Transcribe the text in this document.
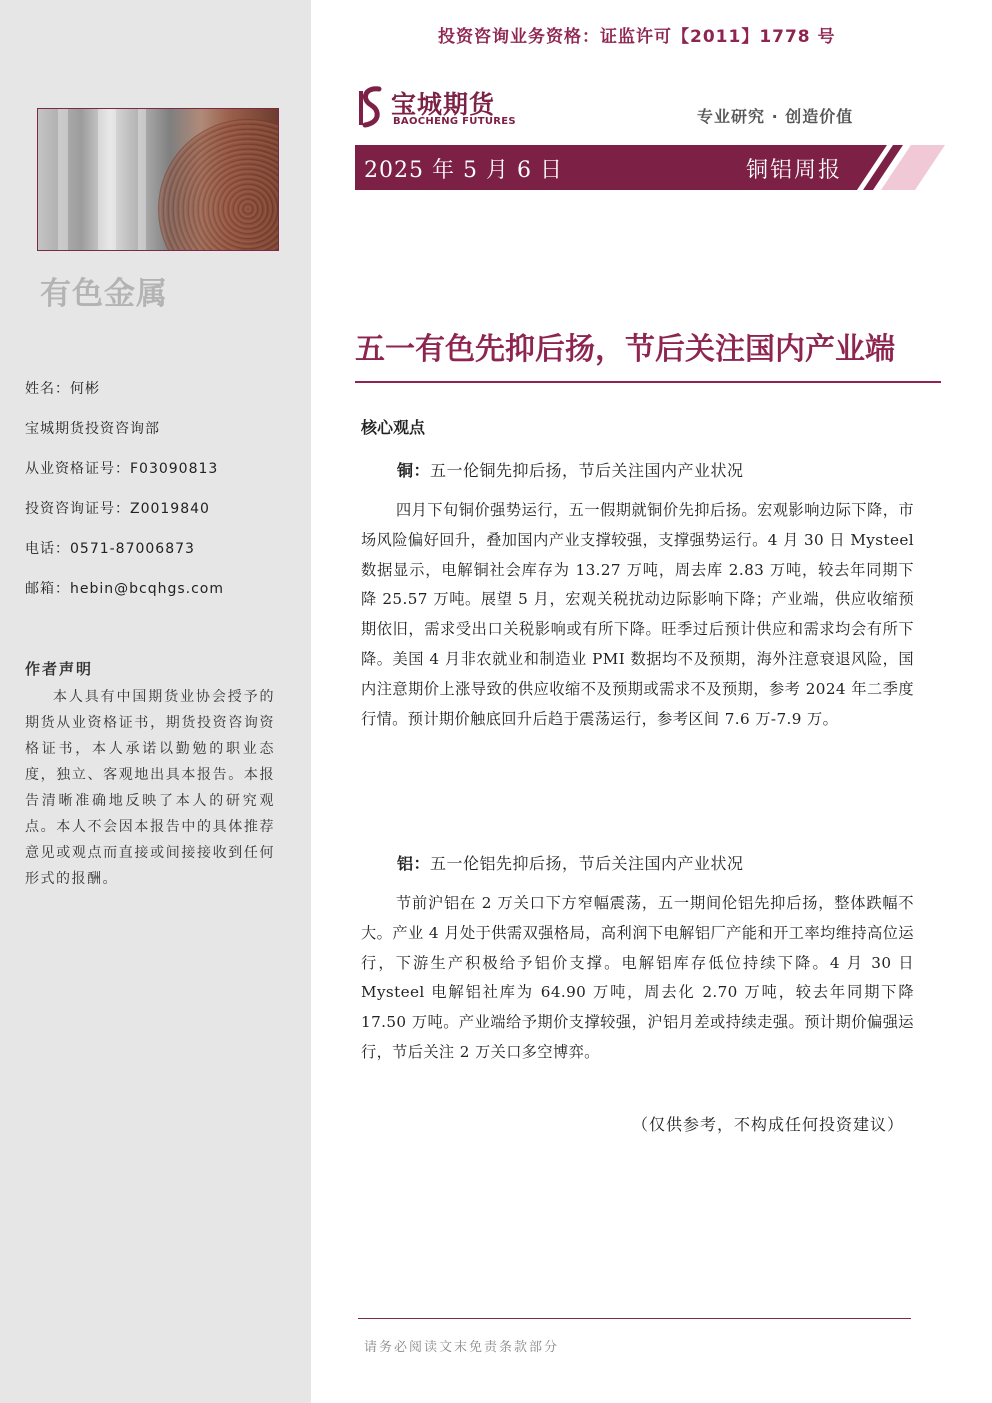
有色金属
姓名：何彬
宝城期货投资咨询部
从业资格证号：F03090813
投资咨询证号：Z0019840
电话：0571-87006873
邮箱：hebin@bcqhgs.com
作者声明
本人具有中国期货业协会授予的期货从业资格证书，期货投资咨询资格证书，本人承诺以勤勉的职业态度，独立、客观地出具本报告。本报告清晰准确地反映了本人的研究观点。本人不会因本报告中的具体推荐意见或观点而直接或间接接收到任何形式的报酬。
投资咨询业务资格：证监许可【2011】1778 号
宝城期货
BAOCHENG FUTURES	专业研究 · 创造价值
2025 年 5 月 6 日	铜铝周报
五一有色先抑后扬，节后关注国内产业端
核心观点
铜：五一伦铜先抑后扬，节后关注国内产业状况
四月下旬铜价强势运行，五一假期就铜价先抑后扬。宏观影响边际下降，市场风险偏好回升，叠加国内产业支撑较强，支撑强势运行。4 月 30 日 Mysteel 数据显示，电解铜社会库存为 13.27 万吨，周去库 2.83 万吨，较去年同期下降 25.57 万吨。展望 5 月，宏观关税扰动边际影响下降；产业端，供应收缩预期依旧，需求受出口关税影响或有所下降。旺季过后预计供应和需求均会有所下降。美国 4 月非农就业和制造业 PMI 数据均不及预期，海外注意衰退风险，国内注意期价上涨导致的供应收缩不及预期或需求不及预期，参考 2024 年二季度行情。预计期价触底回升后趋于震荡运行，参考区间 7.6 万-7.9 万。
铝：五一伦铝先抑后扬，节后关注国内产业状况
节前沪铝在 2 万关口下方窄幅震荡，五一期间伦铝先抑后扬，整体跌幅不大。产业 4 月处于供需双强格局，高利润下电解铝厂产能和开工率均维持高位运行，下游生产积极给予铝价支撑。电解铝库存低位持续下降。4 月 30 日 Mysteel 电解铝社库为 64.90 万吨，周去化 2.70 万吨，较去年同期下降 17.50 万吨。产业端给予期价支撑较强，沪铝月差或持续走强。预计期价偏强运行，节后关注 2 万关口多空博弈。
（仅供参考，不构成任何投资建议）
请务必阅读文末免责条款部分
